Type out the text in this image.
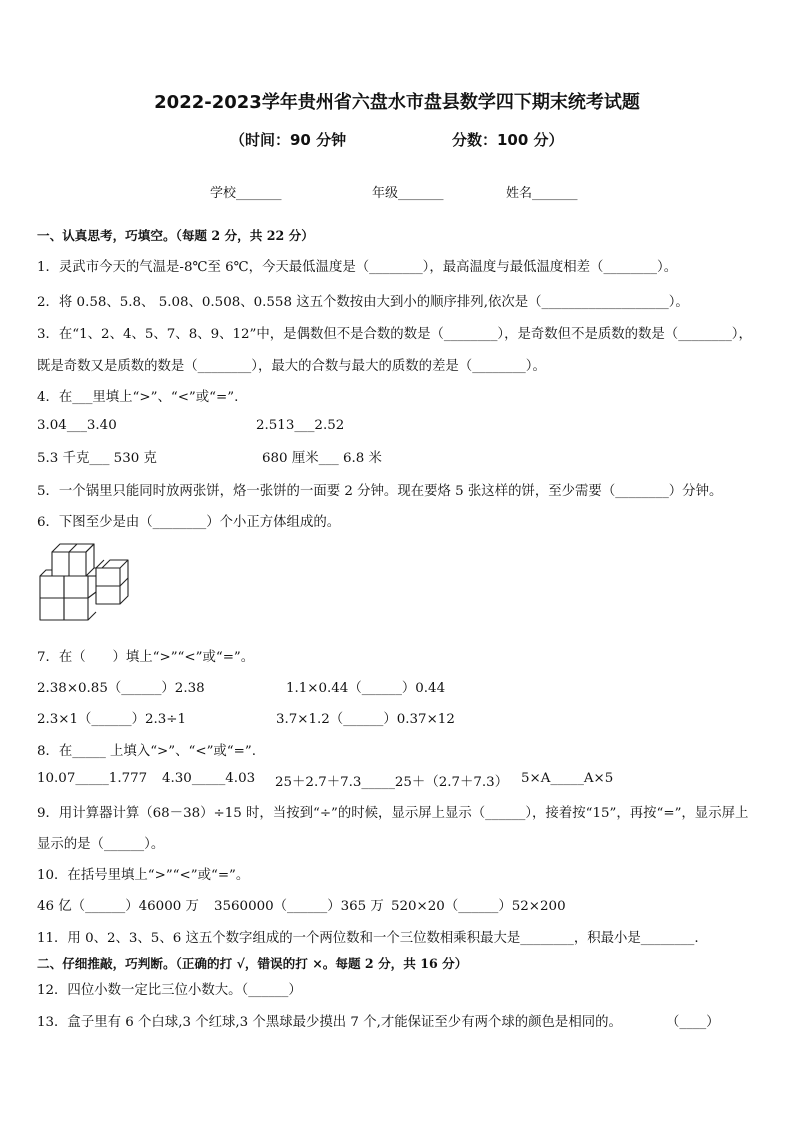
2022-2023学年贵州省六盘水市盘县数学四下期末统考试题
（时间：90 分钟	分数：100 分）
学校_______	年级_______	姓名_______
一、认真思考，巧填空。（每题 2 分，共 22 分）
1．灵武市今天的气温是-8℃至 6℃，今天最低温度是（________），最高温度与最低温度相差（________）。
2．将 0.58、5.8、 5.08、0.508、0.558 这五个数按由大到小的顺序排列,依次是（___________________）。
3．在“1、2、4、5、7、8、9、12”中，是偶数但不是合数的数是（________），是奇数但不是质数的数是（________），
既是奇数又是质数的数是（________），最大的合数与最大的质数的差是（________）。
4．在___里填上“>”、“<”或“=”.
3.04___3.40	2.513___2.52
5.3 千克___ 530 克	680 厘米___ 6.8 米
5．一个锅里只能同时放两张饼，烙一张饼的一面要 2 分钟。现在要烙 5 张这样的饼，至少需要（________）分钟。
6．下图至少是由（________）个小正方体组成的。
7．在（　　）填上“>”“<”或“=”。
2.38×0.85（______）2.38	1.1×0.44（______）0.44
2.3×1（______）2.3÷1	3.7×1.2（______）0.37×12
8．在_____ 上填入“>”、“<”或“=”.
10.07_____1.777 4.30_____4.03 25＋2.7＋7.3_____25＋（2.7＋7.3） 5×A_____A×5
9．用计算器计算（68－38）÷15 时，当按到“÷”的时候，显示屏上显示（______），接着按“15”，再按“=”，显示屏上
显示的是（______）。
10．在括号里填上“>”“<”或“=”。
46 亿（______）46000 万 3560000（______）365 万 520×20（______）52×200
11．用 0、2、3、5、6 这五个数字组成的一个两位数和一个三位数相乘积最大是________，积最小是________.
二、仔细推敲，巧判断。（正确的打 √，错误的打 ×。每题 2 分，共 16 分）
12．四位小数一定比三位小数大。（______）
13．盒子里有 6 个白球,3 个红球,3 个黑球最少摸出 7 个,才能保证至少有两个球的颜色是相同的。	（____）
